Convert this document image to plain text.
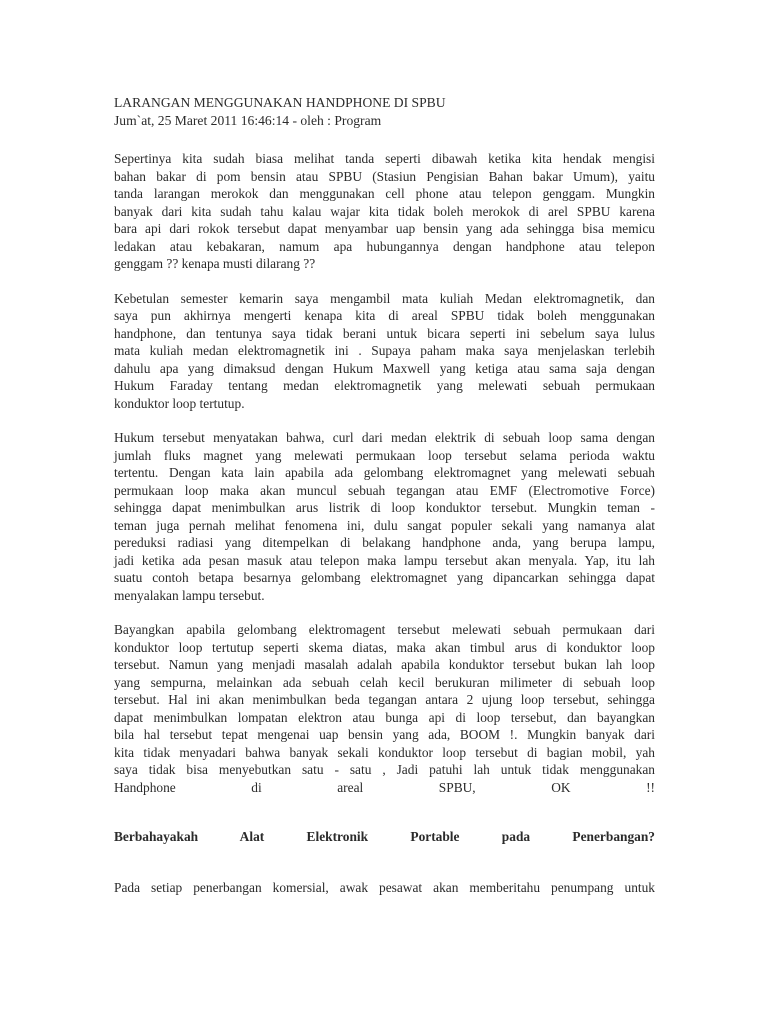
LARANGAN MENGGUNAKAN HANDPHONE DI SPBU

Jum`at, 25 Maret 2011 16:46:14 - oleh : Program

Sepertinya kita sudah biasa melihat tanda seperti dibawah ketika kita hendak mengisi
bahan bakar di pom bensin atau SPBU (Stasiun Pengisian Bahan bakar Umum), yaitu
tanda larangan merokok dan menggunakan cell phone atau telepon genggam. Mungkin
banyak dari kita sudah tahu kalau wajar kita tidak boleh merokok di arel SPBU karena
bara api dari rokok tersebut dapat menyambar uap bensin yang ada sehingga bisa memicu
ledakan atau kebakaran, namum apa hubungannya dengan handphone atau telepon
genggam ?? kenapa musti dilarang ??
Kebetulan semester kemarin saya mengambil mata kuliah Medan elektromagnetik, dan
saya pun akhirnya mengerti kenapa kita di areal SPBU tidak boleh menggunakan
handphone, dan tentunya saya tidak berani untuk bicara seperti ini sebelum saya lulus
mata kuliah medan elektromagnetik ini . Supaya paham maka saya menjelaskan terlebih
dahulu apa yang dimaksud dengan Hukum Maxwell yang ketiga atau sama saja dengan
Hukum Faraday tentang medan elektromagnetik yang melewati sebuah permukaan
konduktor loop tertutup.
Hukum tersebut menyatakan bahwa, curl dari medan elektrik di sebuah loop sama dengan
jumlah fluks magnet yang melewati permukaan loop tersebut selama perioda waktu
tertentu. Dengan kata lain apabila ada gelombang elektromagnet yang melewati sebuah
permukaan loop maka akan muncul sebuah tegangan atau EMF (Electromotive Force)
sehingga dapat menimbulkan arus listrik di loop konduktor tersebut. Mungkin teman -
teman juga pernah melihat fenomena ini, dulu sangat populer sekali yang namanya alat
pereduksi radiasi yang ditempelkan di belakang handphone anda, yang berupa lampu,
jadi ketika ada pesan masuk atau telepon maka lampu tersebut akan menyala. Yap, itu lah
suatu contoh betapa besarnya gelombang elektromagnet yang dipancarkan sehingga dapat
menyalakan lampu tersebut.
Bayangkan apabila gelombang elektromagent tersebut melewati sebuah permukaan dari
konduktor loop tertutup seperti skema diatas, maka akan timbul arus di konduktor loop
tersebut. Namun yang menjadi masalah adalah apabila konduktor tersebut bukan lah loop
yang sempurna, melainkan ada sebuah celah kecil berukuran milimeter di sebuah loop
tersebut. Hal ini akan menimbulkan beda tegangan antara 2 ujung loop tersebut, sehingga
dapat menimbulkan lompatan elektron atau bunga api di loop tersebut, dan bayangkan
bila hal tersebut tepat mengenai uap bensin yang ada, BOOM !. Mungkin banyak dari
kita tidak menyadari bahwa banyak sekali konduktor loop tersebut di bagian mobil, yah
saya tidak bisa menyebutkan satu - satu , Jadi patuhi lah untuk tidak menggunakan
Handphone di areal SPBU, OK !!

Berbahayakah Alat Elektronik Portable pada Penerbangan?

Pada setiap penerbangan komersial, awak pesawat akan memberitahu penumpang untuk
